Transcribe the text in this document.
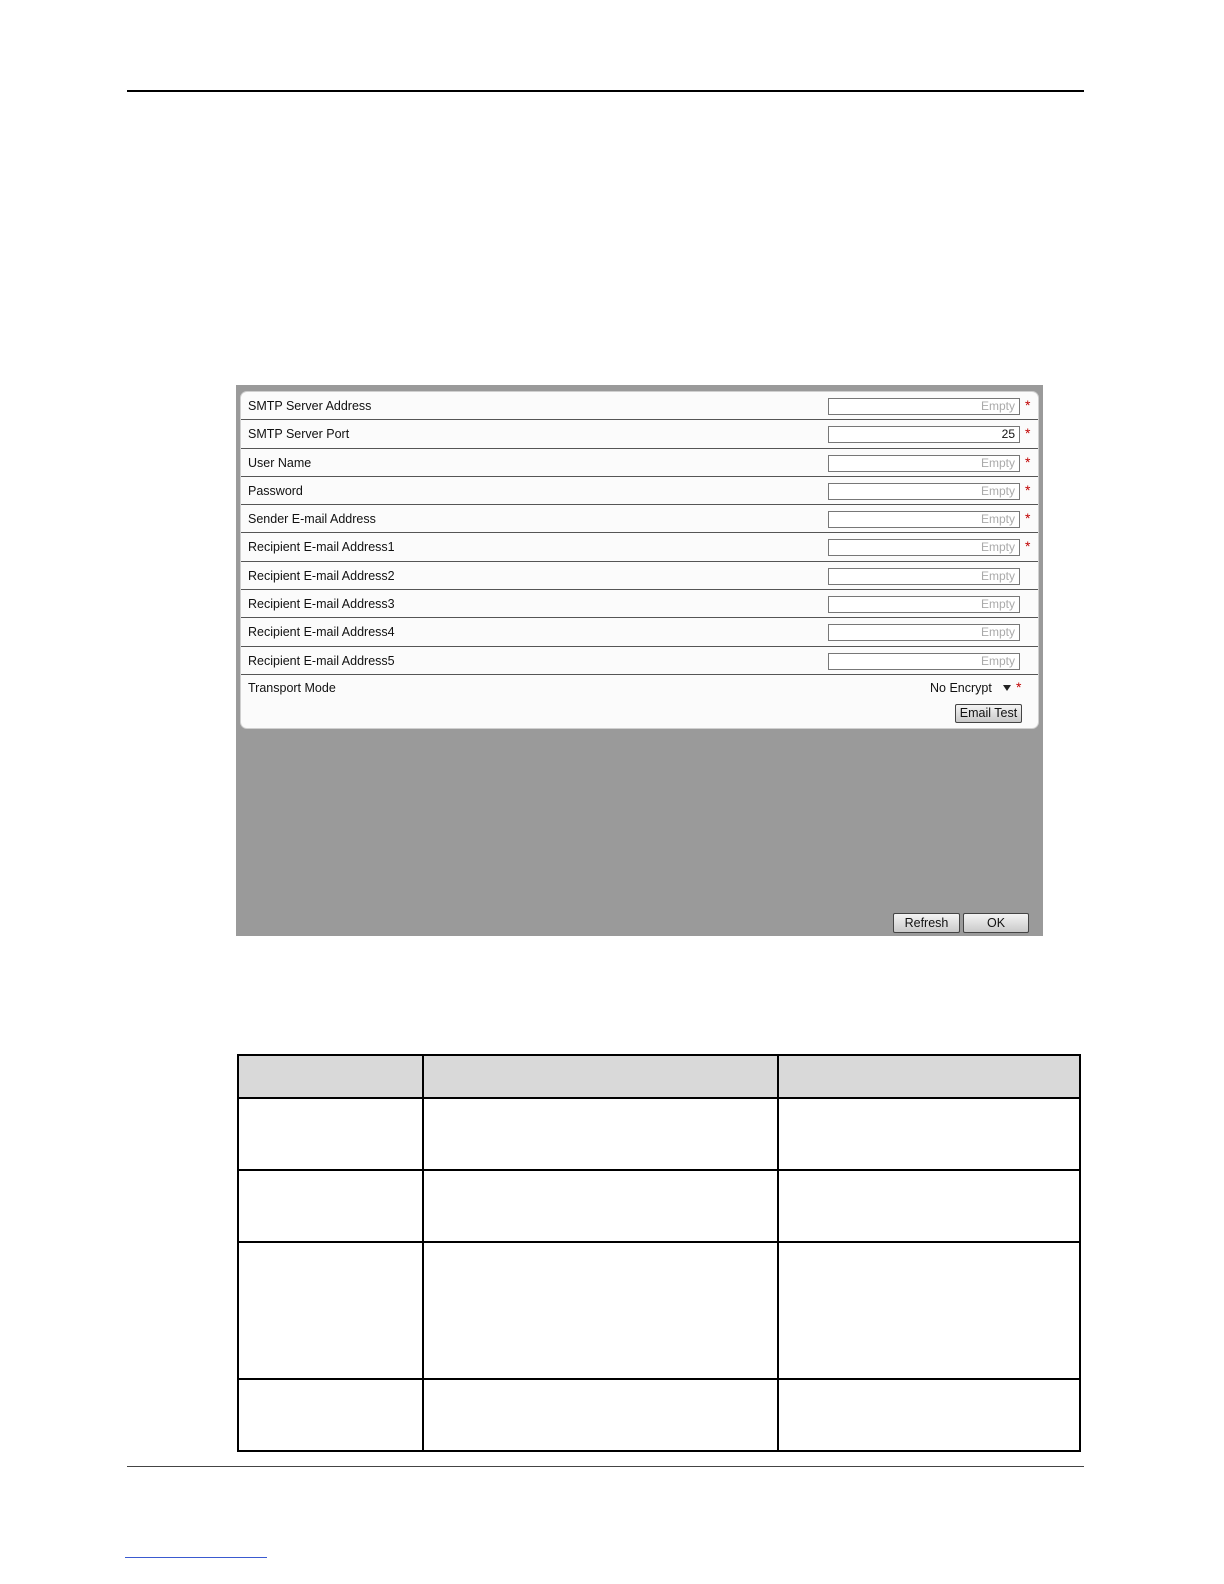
SMTP Server Address	Empty *
SMTP Server Port	25 *
User Name	Empty *
Password	Empty *
Sender E-mail Address	Empty *
Recipient E-mail Address1	Empty *
Recipient E-mail Address2	Empty
Recipient E-mail Address3	Empty
Recipient E-mail Address4	Empty
Recipient E-mail Address5	Empty
Transport Mode	No Encrypt *
Email Test
Refresh	OK
